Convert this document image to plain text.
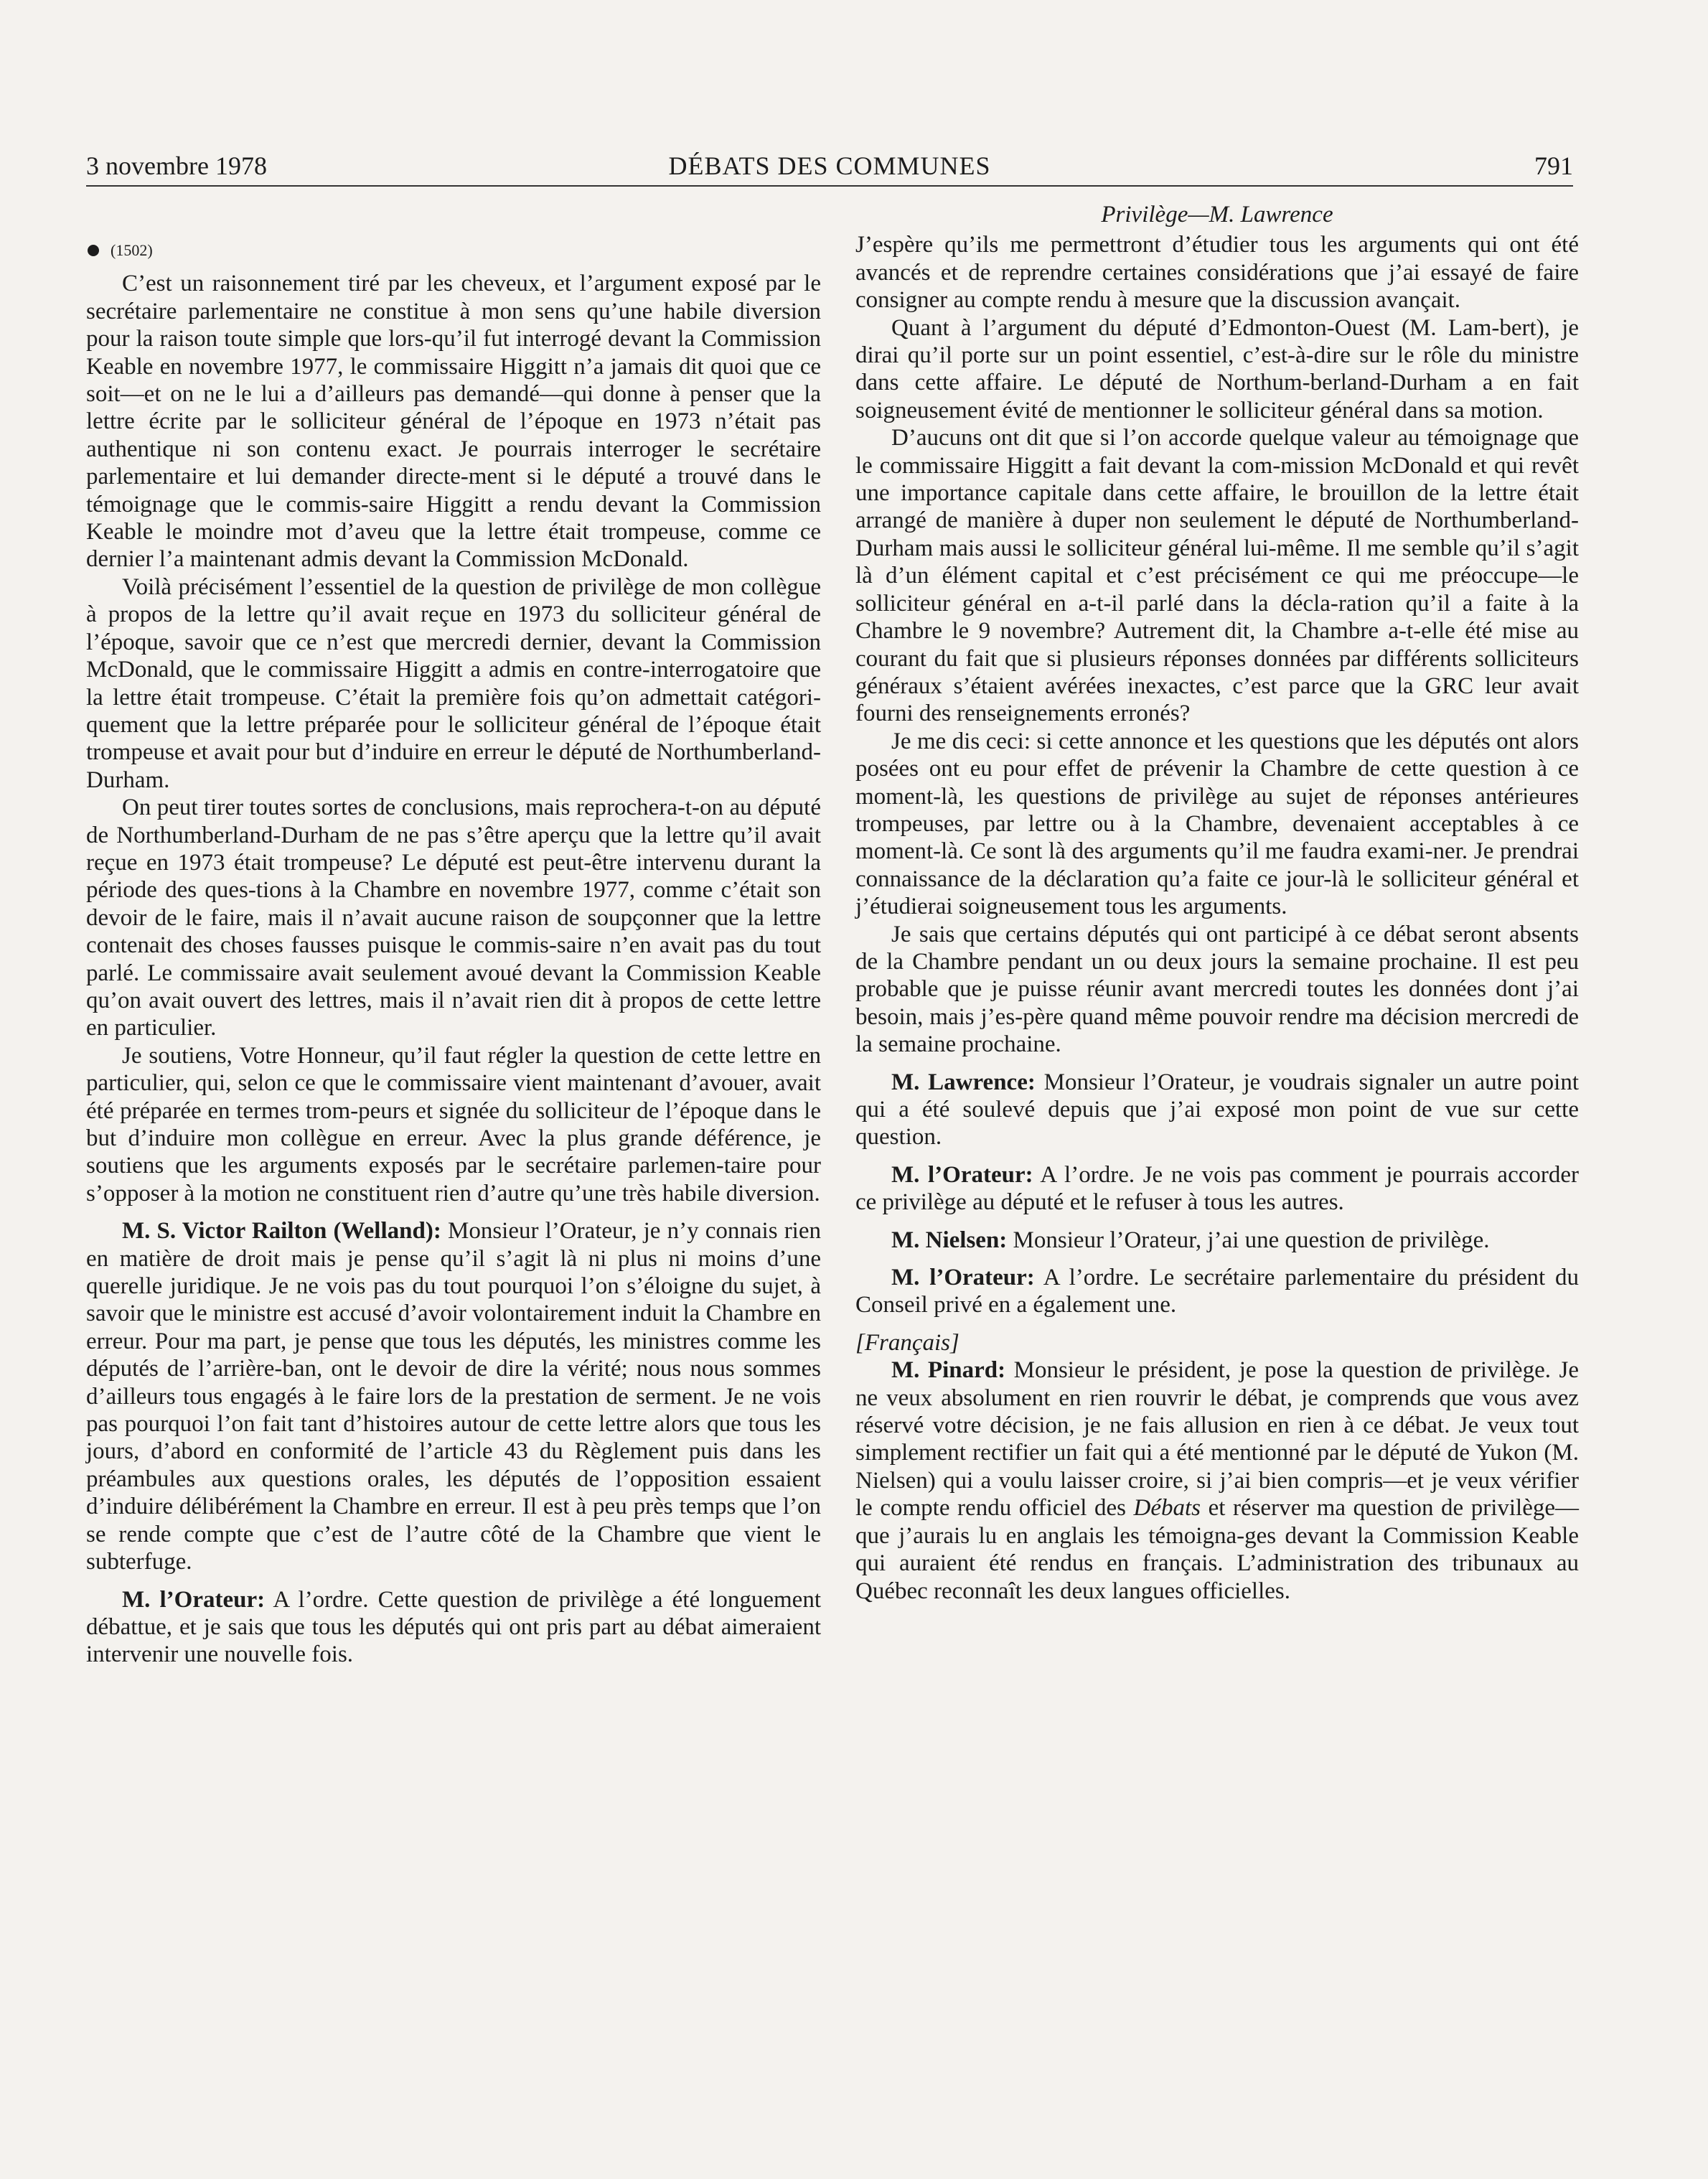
3 novembre 1978	DÉBATS DES COMMUNES	791
(1502)

C’est un raisonnement tiré par les cheveux, et l’argument exposé par le secrétaire parlementaire ne constitue à mon sens qu’une habile diversion pour la raison toute simple que lors-qu’il fut interrogé devant la Commission Keable en novembre 1977, le commissaire Higgitt n’a jamais dit quoi que ce soit—et on ne le lui a d’ailleurs pas demandé—qui donne à penser que la lettre écrite par le solliciteur général de l’époque en 1973 n’était pas authentique ni son contenu exact. Je pourrais interroger le secrétaire parlementaire et lui demander directe-ment si le député a trouvé dans le témoignage que le commis-saire Higgitt a rendu devant la Commission Keable le moindre mot d’aveu que la lettre était trompeuse, comme ce dernier l’a maintenant admis devant la Commission McDonald.

Voilà précisément l’essentiel de la question de privilège de mon collègue à propos de la lettre qu’il avait reçue en 1973 du solliciteur général de l’époque, savoir que ce n’est que mercredi dernier, devant la Commission McDonald, que le commissaire Higgitt a admis en contre-interrogatoire que la lettre était trompeuse. C’était la première fois qu’on admettait catégori-quement que la lettre préparée pour le solliciteur général de l’époque était trompeuse et avait pour but d’induire en erreur le député de Northumberland-Durham.

On peut tirer toutes sortes de conclusions, mais reprochera-t-on au député de Northumberland-Durham de ne pas s’être aperçu que la lettre qu’il avait reçue en 1973 était trompeuse? Le député est peut-être intervenu durant la période des ques-tions à la Chambre en novembre 1977, comme c’était son devoir de le faire, mais il n’avait aucune raison de soupçonner que la lettre contenait des choses fausses puisque le commis-saire n’en avait pas du tout parlé. Le commissaire avait seulement avoué devant la Commission Keable qu’on avait ouvert des lettres, mais il n’avait rien dit à propos de cette lettre en particulier.

Je soutiens, Votre Honneur, qu’il faut régler la question de cette lettre en particulier, qui, selon ce que le commissaire vient maintenant d’avouer, avait été préparée en termes trom-peurs et signée du solliciteur de l’époque dans le but d’induire mon collègue en erreur. Avec la plus grande déférence, je soutiens que les arguments exposés par le secrétaire parlemen-taire pour s’opposer à la motion ne constituent rien d’autre qu’une très habile diversion.

M. S. Victor Railton (Welland): Monsieur l’Orateur, je n’y connais rien en matière de droit mais je pense qu’il s’agit là ni plus ni moins d’une querelle juridique. Je ne vois pas du tout pourquoi l’on s’éloigne du sujet, à savoir que le ministre est accusé d’avoir volontairement induit la Chambre en erreur. Pour ma part, je pense que tous les députés, les ministres comme les députés de l’arrière-ban, ont le devoir de dire la vérité; nous nous sommes d’ailleurs tous engagés à le faire lors de la prestation de serment. Je ne vois pas pourquoi l’on fait tant d’histoires autour de cette lettre alors que tous les jours, d’abord en conformité de l’article 43 du Règlement puis dans les préambules aux questions orales, les députés de l’opposition essaient d’induire délibérément la Chambre en erreur. Il est à peu près temps que l’on se rende compte que c’est de l’autre côté de la Chambre que vient le subterfuge.

M. l’Orateur: A l’ordre. Cette question de privilège a été longuement débattue, et je sais que tous les députés qui ont pris part au débat aimeraient intervenir une nouvelle fois.

Privilège—M. Lawrence

J’espère qu’ils me permettront d’étudier tous les arguments qui ont été avancés et de reprendre certaines considérations que j’ai essayé de faire consigner au compte rendu à mesure que la discussion avançait.

Quant à l’argument du député d’Edmonton-Ouest (M. Lam-bert), je dirai qu’il porte sur un point essentiel, c’est-à-dire sur le rôle du ministre dans cette affaire. Le député de Northum-berland-Durham a en fait soigneusement évité de mentionner le solliciteur général dans sa motion.

D’aucuns ont dit que si l’on accorde quelque valeur au témoignage que le commissaire Higgitt a fait devant la com-mission McDonald et qui revêt une importance capitale dans cette affaire, le brouillon de la lettre était arrangé de manière à duper non seulement le député de Northumberland-Durham mais aussi le solliciteur général lui-même. Il me semble qu’il s’agit là d’un élément capital et c’est précisément ce qui me préoccupe—le solliciteur général en a-t-il parlé dans la décla-ration qu’il a faite à la Chambre le 9 novembre? Autrement dit, la Chambre a-t-elle été mise au courant du fait que si plusieurs réponses données par différents solliciteurs généraux s’étaient avérées inexactes, c’est parce que la GRC leur avait fourni des renseignements erronés?

Je me dis ceci: si cette annonce et les questions que les députés ont alors posées ont eu pour effet de prévenir la Chambre de cette question à ce moment-là, les questions de privilège au sujet de réponses antérieures trompeuses, par lettre ou à la Chambre, devenaient acceptables à ce moment-là. Ce sont là des arguments qu’il me faudra exami-ner. Je prendrai connaissance de la déclaration qu’a faite ce jour-là le solliciteur général et j’étudierai soigneusement tous les arguments.

Je sais que certains députés qui ont participé à ce débat seront absents de la Chambre pendant un ou deux jours la semaine prochaine. Il est peu probable que je puisse réunir avant mercredi toutes les données dont j’ai besoin, mais j’es-père quand même pouvoir rendre ma décision mercredi de la semaine prochaine.

M. Lawrence: Monsieur l’Orateur, je voudrais signaler un autre point qui a été soulevé depuis que j’ai exposé mon point de vue sur cette question.

M. l’Orateur: A l’ordre. Je ne vois pas comment je pourrais accorder ce privilège au député et le refuser à tous les autres.

M. Nielsen: Monsieur l’Orateur, j’ai une question de privilège.

M. l’Orateur: A l’ordre. Le secrétaire parlementaire du président du Conseil privé en a également une.

[Français]

M. Pinard: Monsieur le président, je pose la question de privilège. Je ne veux absolument en rien rouvrir le débat, je comprends que vous avez réservé votre décision, je ne fais allusion en rien à ce débat. Je veux tout simplement rectifier un fait qui a été mentionné par le député de Yukon (M. Nielsen) qui a voulu laisser croire, si j’ai bien compris—et je veux vérifier le compte rendu officiel des Débats et réserver ma question de privilège—que j’aurais lu en anglais les témoigna-ges devant la Commission Keable qui auraient été rendus en français. L’administration des tribunaux au Québec reconnaît les deux langues officielles.
